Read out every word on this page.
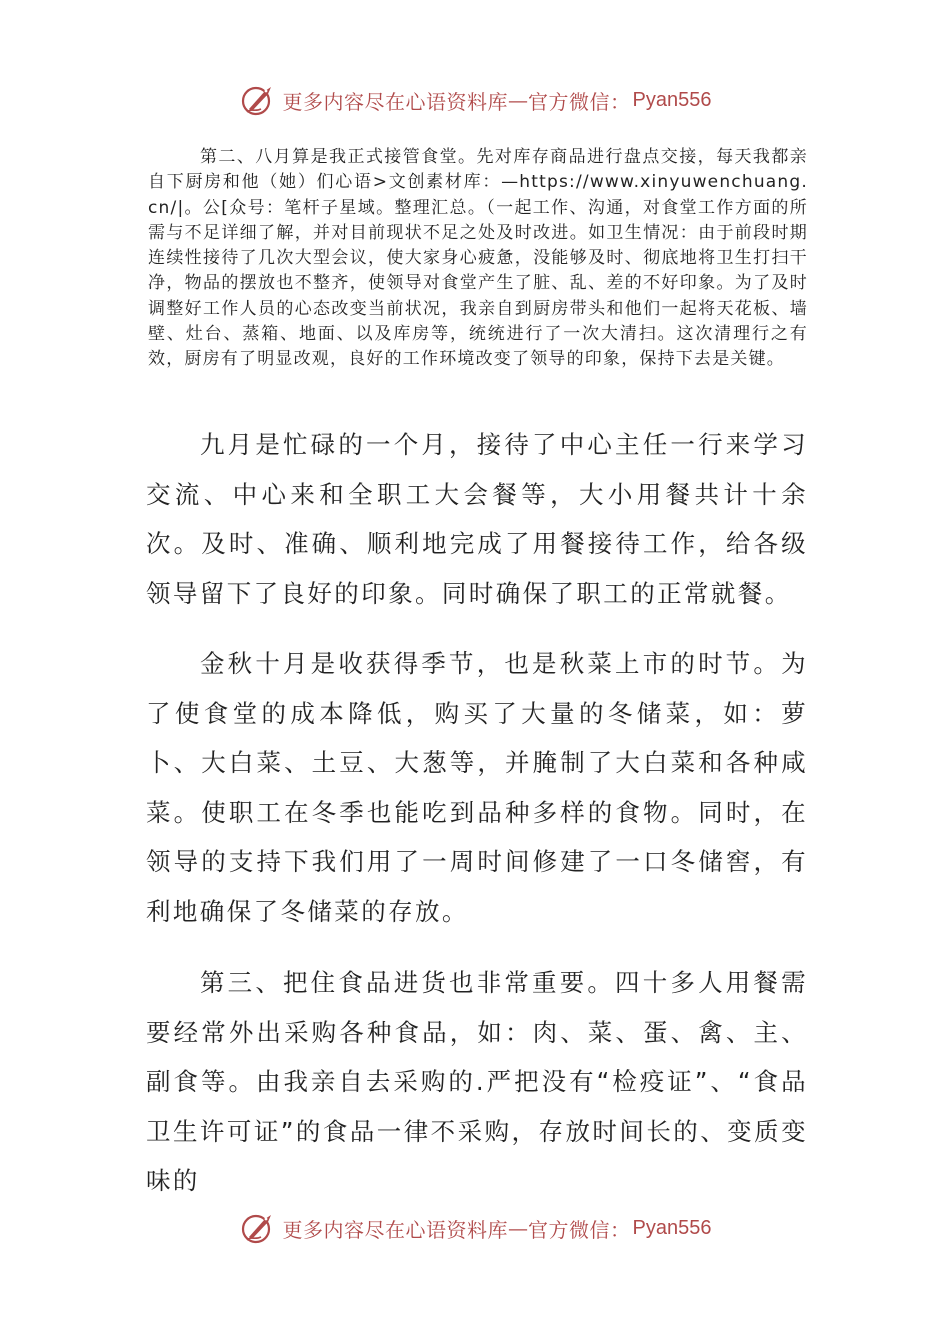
更多内容尽在心语资料库 — 官方微信： Pyan556

第二、八月算是我正式接管食堂。先对库存商品进行盘点交接，每天我都亲自下厨房和他（她）们心语>文创素材库：—https://www.xinyuwenchuang.cn/|。公[众号：笔杆子星域。整理汇总。（一起工作、沟通，对食堂工作方面的所需与不足详细了解，并对目前现状不足之处及时改进。如卫生情况：由于前段时期连续性接待了几次大型会议，使大家身心疲惫，没能够及时、彻底地将卫生打扫干净，物品的摆放也不整齐，使领导对食堂产生了脏、乱、差的不好印象。为了及时调整好工作人员的心态改变当前状况，我亲自到厨房带头和他们一起将天花板、墙壁、灶台、蒸箱、地面、以及库房等，统统进行了一次大清扫。这次清理行之有效，厨房有了明显改观，良好的工作环境改变了领导的印象，保持下去是关键。

九月是忙碌的一个月，接待了中心主任一行来学习交流、中心来和全职工大会餐等，大小用餐共计十余次。及时、准确、顺利地完成了用餐接待工作，给各级领导留下了良好的印象。同时确保了职工的正常就餐。

金秋十月是收获得季节，也是秋菜上市的时节。为了使食堂的成本降低，购买了大量的冬储菜，如：萝卜、大白菜、土豆、大葱等，并腌制了大白菜和各种咸菜。使职工在冬季也能吃到品种多样的食物。同时，在领导的支持下我们用了一周时间修建了一口冬储窖，有利地确保了冬储菜的存放。

第三、把住食品进货也非常重要。四十多人用餐需要经常外出采购各种食品，如：肉、菜、蛋、禽、主、副食等。由我亲自去采购的.严把没有“检疫证”、“食品卫生许可证”的食品一律不采购，存放时间长的、变质变味的

更多内容尽在心语资料库 — 官方微信： Pyan556
